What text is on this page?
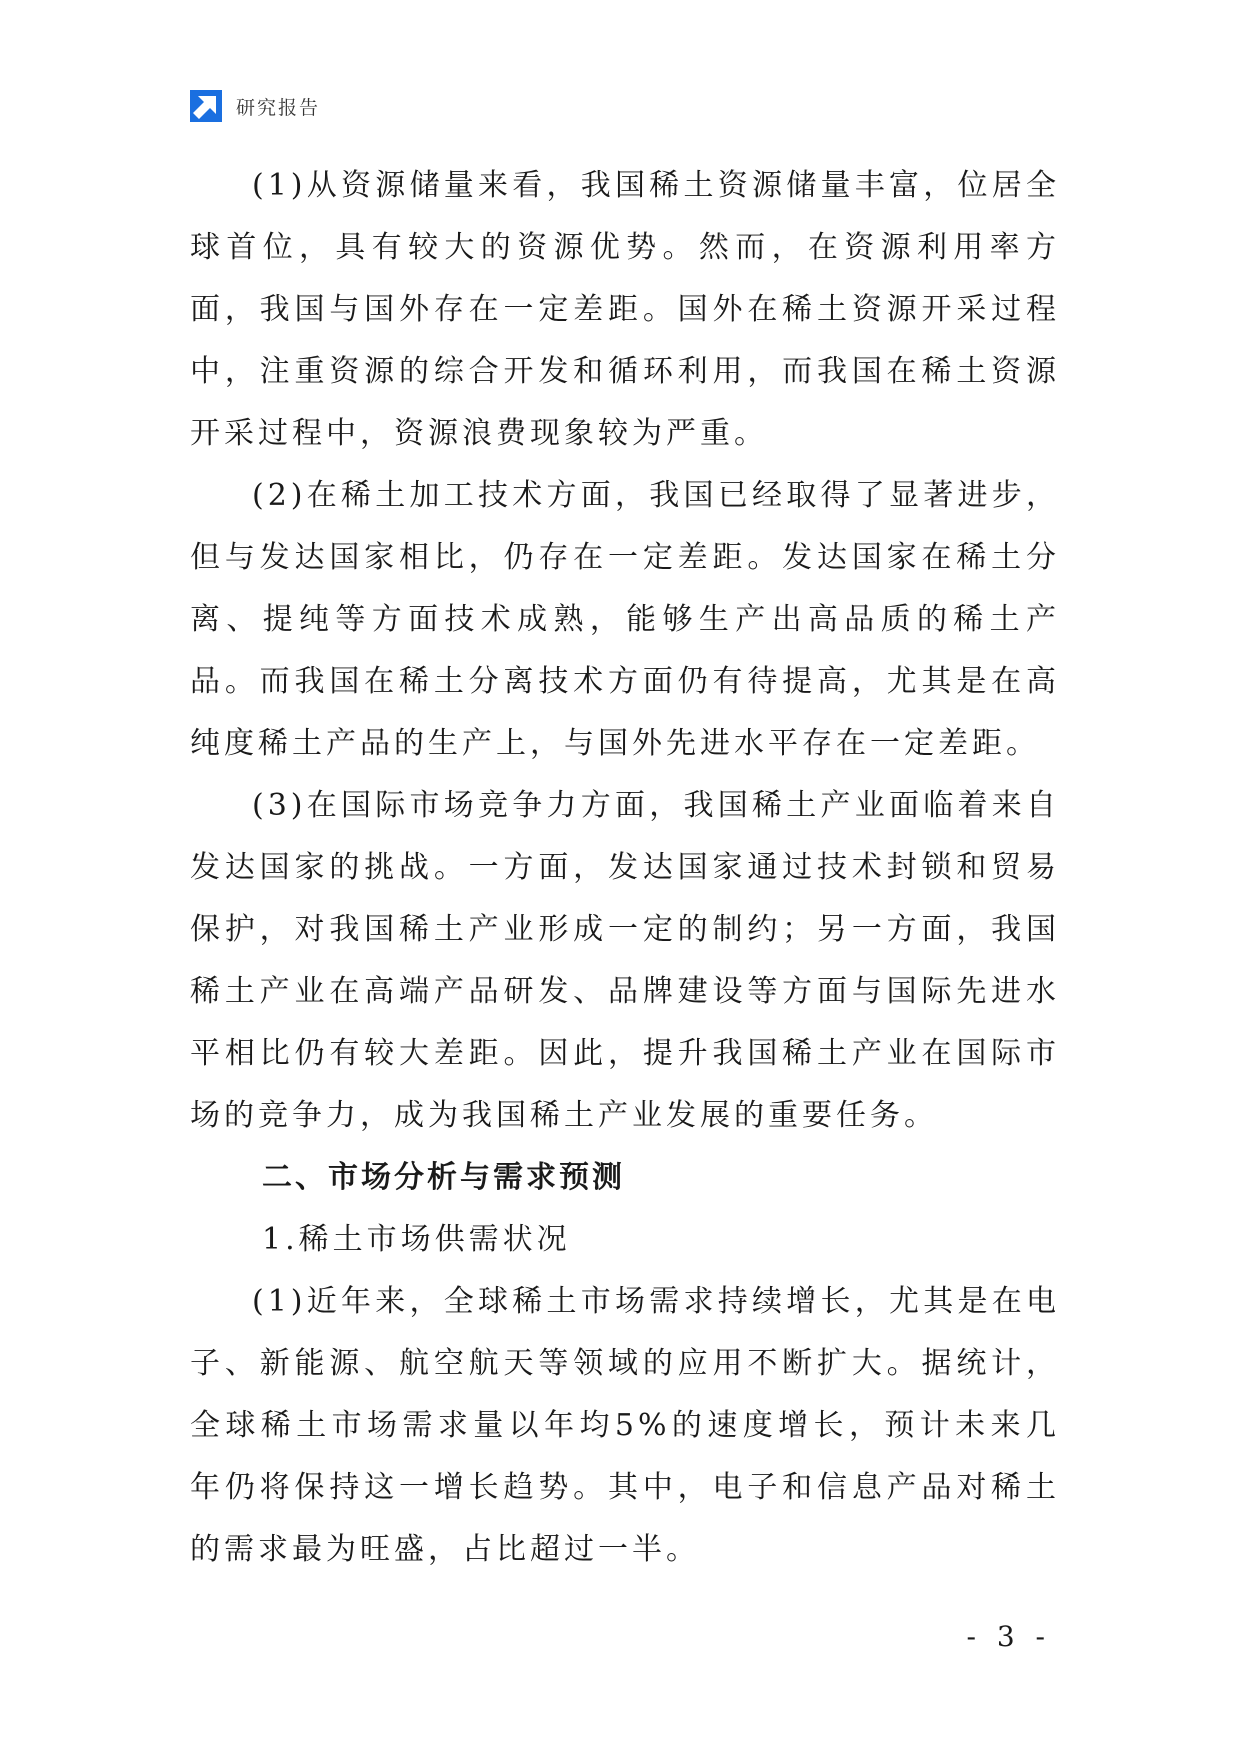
研究报告

(1)从资源储量来看，我国稀土资源储量丰富，位居全球首位，具有较大的资源优势。然而，在资源利用率方面，我国与国外存在一定差距。国外在稀土资源开采过程中，注重资源的综合开发和循环利用，而我国在稀土资源开采过程中，资源浪费现象较为严重。

(2)在稀土加工技术方面，我国已经取得了显著进步，但与发达国家相比，仍存在一定差距。发达国家在稀土分离、提纯等方面技术成熟，能够生产出高品质的稀土产品。而我国在稀土分离技术方面仍有待提高，尤其是在高纯度稀土产品的生产上，与国外先进水平存在一定差距。

(3)在国际市场竞争力方面，我国稀土产业面临着来自发达国家的挑战。一方面，发达国家通过技术封锁和贸易保护，对我国稀土产业形成一定的制约；另一方面，我国稀土产业在高端产品研发、品牌建设等方面与国际先进水平相比仍有较大差距。因此，提升我国稀土产业在国际市场的竞争力，成为我国稀土产业发展的重要任务。

二、市场分析与需求预测

1.稀土市场供需状况

(1)近年来，全球稀土市场需求持续增长，尤其是在电子、新能源、航空航天等领域的应用不断扩大。据统计，全球稀土市场需求量以年均5%的速度增长，预计未来几年仍将保持这一增长趋势。其中，电子和信息产品对稀土的需求最为旺盛，占比超过一半。

- 3 -
